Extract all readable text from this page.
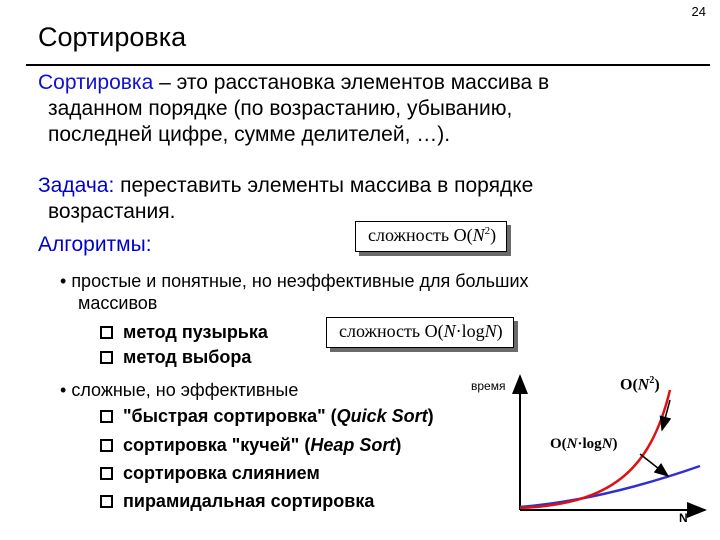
24
Сортировка
Сортировка – это расстановка элементов массива в
заданном порядке (по возрастанию, убыванию,
последней цифре, сумме делителей, …).
Задача: переставить элементы массива в порядке
возрастания.
Алгоритмы:	сложность $O(N^2)$
• простые и понятные, но неэффективные для больших
массивов
метод пузырька
метод выбора
сложность O(N·logN)
• сложные, но эффективные
"быстрая сортировка" (Quick Sort)
сортировка "кучей" (Heap Sort)
сортировка слиянием
пирамидальная сортировка
время	$O(N^2)$
O(N·logN)
N
